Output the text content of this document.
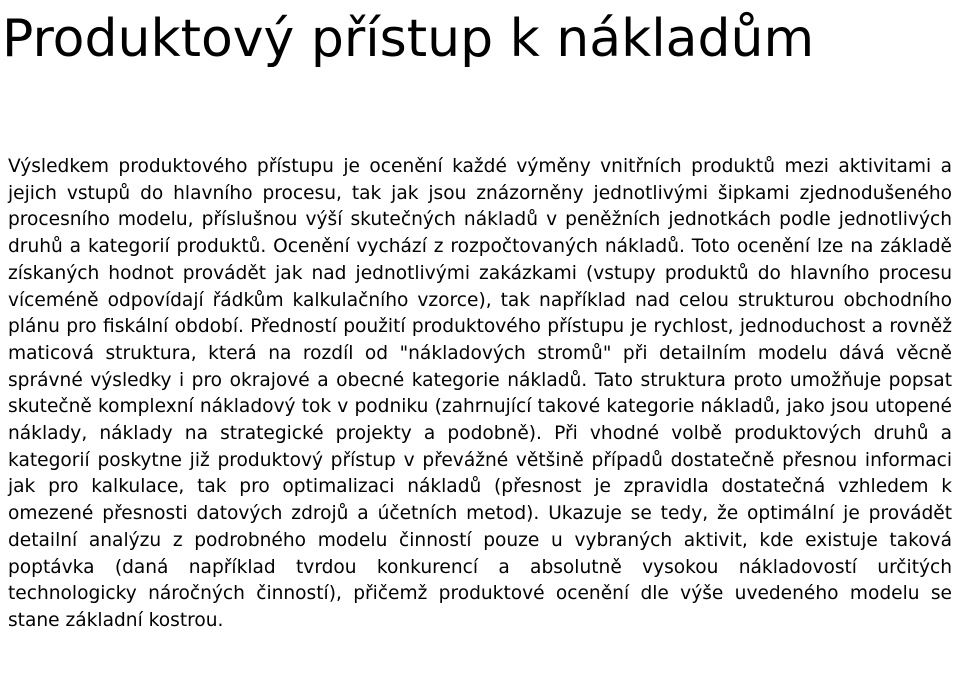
Produktový přístup k nákladům

Výsledkem produktového přístupu je ocenění každé výměny vnitřních produktů mezi aktivitami a jejich vstupů do hlavního procesu, tak jak jsou znázorněny jednotlivými šipkami zjednodušeného procesního modelu, příslušnou výší skutečných nákladů v peněžních jednotkách podle jednotlivých druhů a kategorií produktů. Ocenění vychází z rozpočtovaných nákladů. Toto ocenění lze na základě získaných hodnot provádět jak nad jednotlivými zakázkami (vstupy produktů do hlavního procesu víceméně odpovídají řádkům kalkulačního vzorce), tak například nad celou strukturou obchodního plánu pro fiskální období. Předností použití produktového přístupu je rychlost, jednoduchost a rovněž maticová struktura, která na rozdíl od "nákladových stromů" při detailním modelu dává věcně správné výsledky i pro okrajové a obecné kategorie nákladů. Tato struktura proto umožňuje popsat skutečně komplexní nákladový tok v podniku (zahrnující takové kategorie nákladů, jako jsou utopené náklady, náklady na strategické projekty a podobně). Při vhodné volbě produktových druhů a kategorií poskytne již produktový přístup v převážné většině případů dostatečně přesnou informaci jak pro kalkulace, tak pro optimalizaci nákladů (přesnost je zpravidla dostatečná vzhledem k omezené přesnosti datových zdrojů a účetních metod). Ukazuje se tedy, že optimální je provádět detailní analýzu z podrobného modelu činností pouze u vybraných aktivit, kde existuje taková poptávka (daná například tvrdou konkurencí a absolutně vysokou nákladovostí určitých technologicky náročných činností), přičemž produktové ocenění dle výše uvedeného modelu se stane základní kostrou.
